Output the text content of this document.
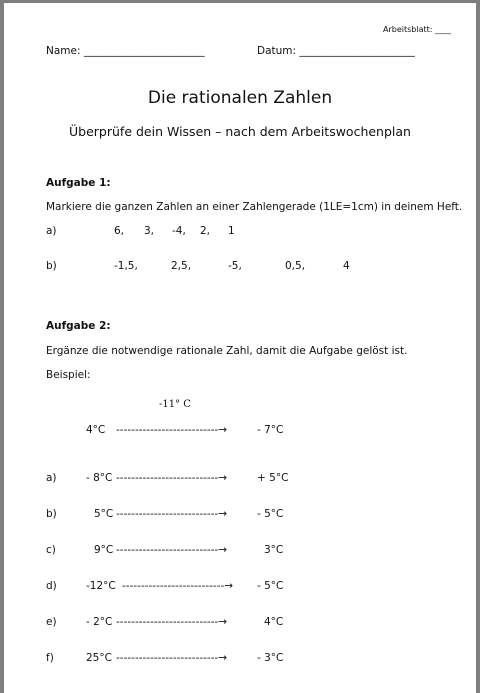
Arbeitsblatt: ____
Name: _______________________	Datum: ______________________
Die rationalen Zahlen
Überprüfe dein Wissen – nach dem Arbeitswochenplan
Aufgabe 1:
Markiere die ganzen Zahlen an einer Zahlengerade (1LE=1cm) in deinem Heft.
a)	6, 3, -4, 2, 1
b)	-1,5,	2,5,	-5,	0,5,	4
Aufgabe 2:
Ergänze die notwendige rationale Zahl, damit die Aufgabe gelöst ist.
Beispiel:
-11° C
4°C ---------------------------→	- 7°C
a)	- 8°C ---------------------------→	+ 5°C
b)	5°C ---------------------------→	- 5°C
c)	9°C ---------------------------→	3°C
d)	-12°C ---------------------------→ - 5°C
e)	- 2°C ---------------------------→	4°C
f)	25°C ---------------------------→	- 3°C
